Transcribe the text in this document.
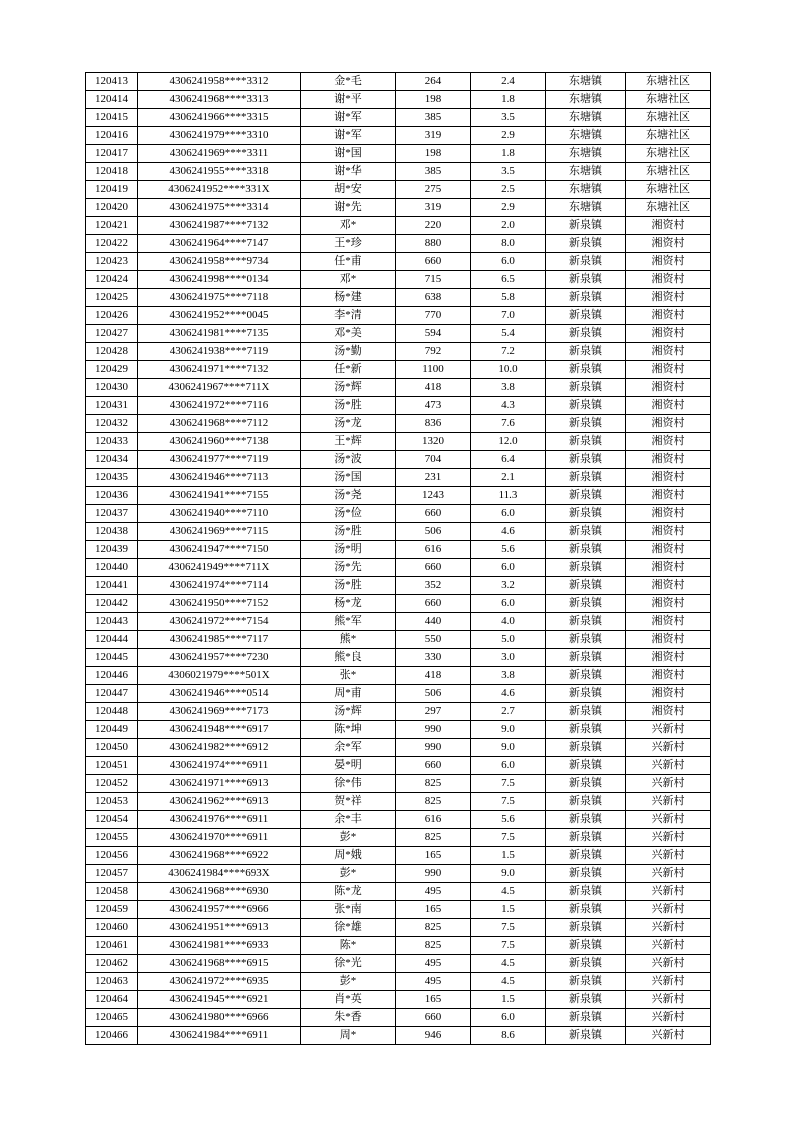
120413	4306241958****3312	金*毛	264	2.4	东塘镇	东塘社区
120414	4306241968****3313	谢*平	198	1.8	东塘镇	东塘社区
120415	4306241966****3315	谢*军	385	3.5	东塘镇	东塘社区
120416	4306241979****3310	谢*军	319	2.9	东塘镇	东塘社区
120417	4306241969****3311	谢*国	198	1.8	东塘镇	东塘社区
120418	4306241955****3318	谢*华	385	3.5	东塘镇	东塘社区
120419	4306241952****331X	胡*安	275	2.5	东塘镇	东塘社区
120420	4306241975****3314	谢*先	319	2.9	东塘镇	东塘社区
120421	4306241987****7132	邓*	220	2.0	新泉镇	湘资村
120422	4306241964****7147	王*珍	880	8.0	新泉镇	湘资村
120423	4306241958****9734	任*甫	660	6.0	新泉镇	湘资村
120424	4306241998****0134	邓*	715	6.5	新泉镇	湘资村
120425	4306241975****7118	杨*建	638	5.8	新泉镇	湘资村
120426	4306241952****0045	李*清	770	7.0	新泉镇	湘资村
120427	4306241981****7135	邓*美	594	5.4	新泉镇	湘资村
120428	4306241938****7119	汤*勤	792	7.2	新泉镇	湘资村
120429	4306241971****7132	任*新	1100	10.0	新泉镇	湘资村
120430	4306241967****711X	汤*辉	418	3.8	新泉镇	湘资村
120431	4306241972****7116	汤*胜	473	4.3	新泉镇	湘资村
120432	4306241968****7112	汤*龙	836	7.6	新泉镇	湘资村
120433	4306241960****7138	王*辉	1320	12.0	新泉镇	湘资村
120434	4306241977****7119	汤*波	704	6.4	新泉镇	湘资村
120435	4306241946****7113	汤*国	231	2.1	新泉镇	湘资村
120436	4306241941****7155	汤*尧	1243	11.3	新泉镇	湘资村
120437	4306241940****7110	汤*俭	660	6.0	新泉镇	湘资村
120438	4306241969****7115	汤*胜	506	4.6	新泉镇	湘资村
120439	4306241947****7150	汤*明	616	5.6	新泉镇	湘资村
120440	4306241949****711X	汤*先	660	6.0	新泉镇	湘资村
120441	4306241974****7114	汤*胜	352	3.2	新泉镇	湘资村
120442	4306241950****7152	杨*龙	660	6.0	新泉镇	湘资村
120443	4306241972****7154	熊*军	440	4.0	新泉镇	湘资村
120444	4306241985****7117	熊*	550	5.0	新泉镇	湘资村
120445	4306241957****7230	熊*良	330	3.0	新泉镇	湘资村
120446	4306021979****501X	张*	418	3.8	新泉镇	湘资村
120447	4306241946****0514	周*甫	506	4.6	新泉镇	湘资村
120448	4306241969****7173	汤*辉	297	2.7	新泉镇	湘资村
120449	4306241948****6917	陈*坤	990	9.0	新泉镇	兴新村
120450	4306241982****6912	余*军	990	9.0	新泉镇	兴新村
120451	4306241974****6911	晏*明	660	6.0	新泉镇	兴新村
120452	4306241971****6913	徐*伟	825	7.5	新泉镇	兴新村
120453	4306241962****6913	贺*祥	825	7.5	新泉镇	兴新村
120454	4306241976****6911	余*丰	616	5.6	新泉镇	兴新村
120455	4306241970****6911	彭*	825	7.5	新泉镇	兴新村
120456	4306241968****6922	周*娥	165	1.5	新泉镇	兴新村
120457	4306241984****693X	彭*	990	9.0	新泉镇	兴新村
120458	4306241968****6930	陈*龙	495	4.5	新泉镇	兴新村
120459	4306241957****6966	张*南	165	1.5	新泉镇	兴新村
120460	4306241951****6913	徐*雄	825	7.5	新泉镇	兴新村
120461	4306241981****6933	陈*	825	7.5	新泉镇	兴新村
120462	4306241968****6915	徐*光	495	4.5	新泉镇	兴新村
120463	4306241972****6935	彭*	495	4.5	新泉镇	兴新村
120464	4306241945****6921	肖*英	165	1.5	新泉镇	兴新村
120465	4306241980****6966	朱*香	660	6.0	新泉镇	兴新村
120466	4306241984****6911	周*	946	8.6	新泉镇	兴新村
